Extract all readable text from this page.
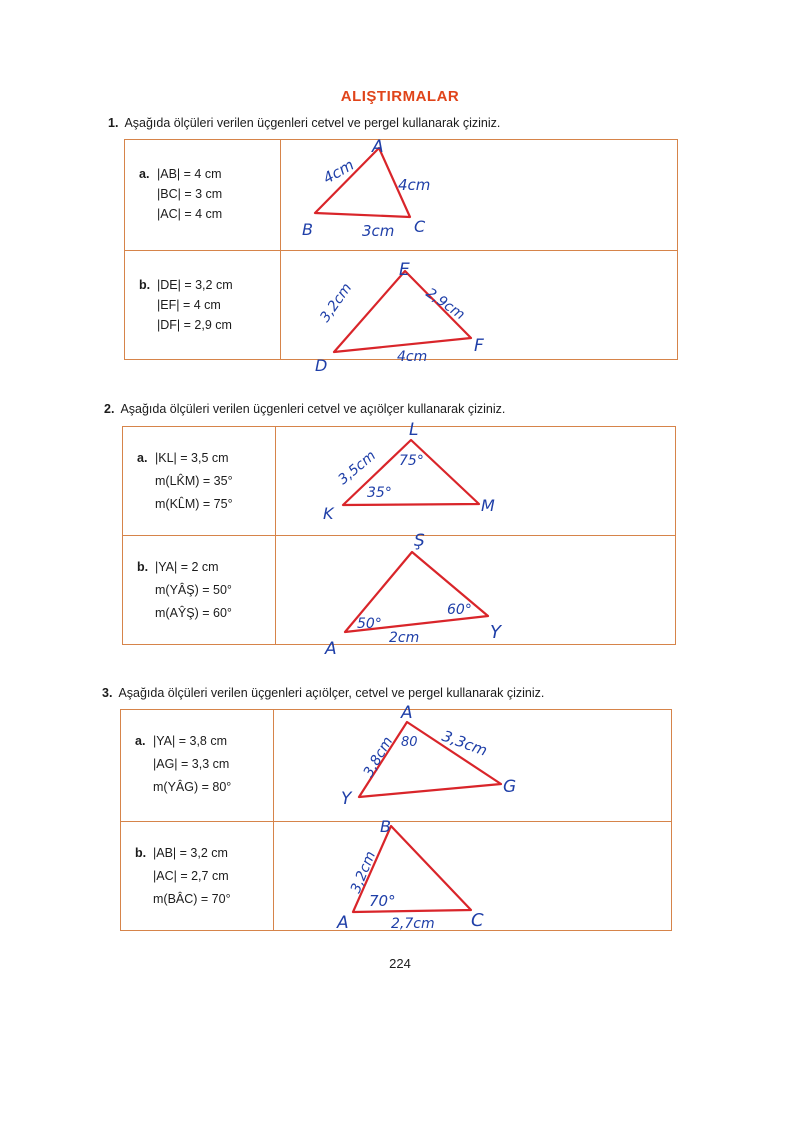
ALIŞTIRMALAR
1. Aşağıda ölçüleri verilen üçgenleri cetvel ve pergel kullanarak çiziniz.
a. |AB| = 4 cm
|BC| = 3 cm
|AC| = 4 cm
A
B	C
4cm	4cm
3cm
b. |DE| = 3,2 cm
|EF| = 4 cm
|DF| = 2,9 cm
E
D
F
3,2cm	2,9cm
4cm
2. Aşağıda ölçüleri verilen üçgenleri cetvel ve açıölçer kullanarak çiziniz.
a. |KL| = 3,5 cm
m(LK̂M) = 35°
m(KL̂M) = 75°
L
K	M
3,5cm 75°
35°
b. |YA| = 2 cm
m(YÂŞ) = 50°
m(AŶŞ) = 60°
Ş
A
Y
50°
60°
2cm
3. Aşağıda ölçüleri verilen üçgenleri açıölçer, cetvel ve pergel kullanarak çiziniz.
a. |YA| = 3,8 cm
|AG| = 3,3 cm
m(YÂG) = 80°
A
Y
G
3,8cm	3,3cm
80
b. |AB| = 3,2 cm
|AC| = 2,7 cm
m(BÂC) = 70°
B
A	C
3,2cm
70°
2,7cm
224
